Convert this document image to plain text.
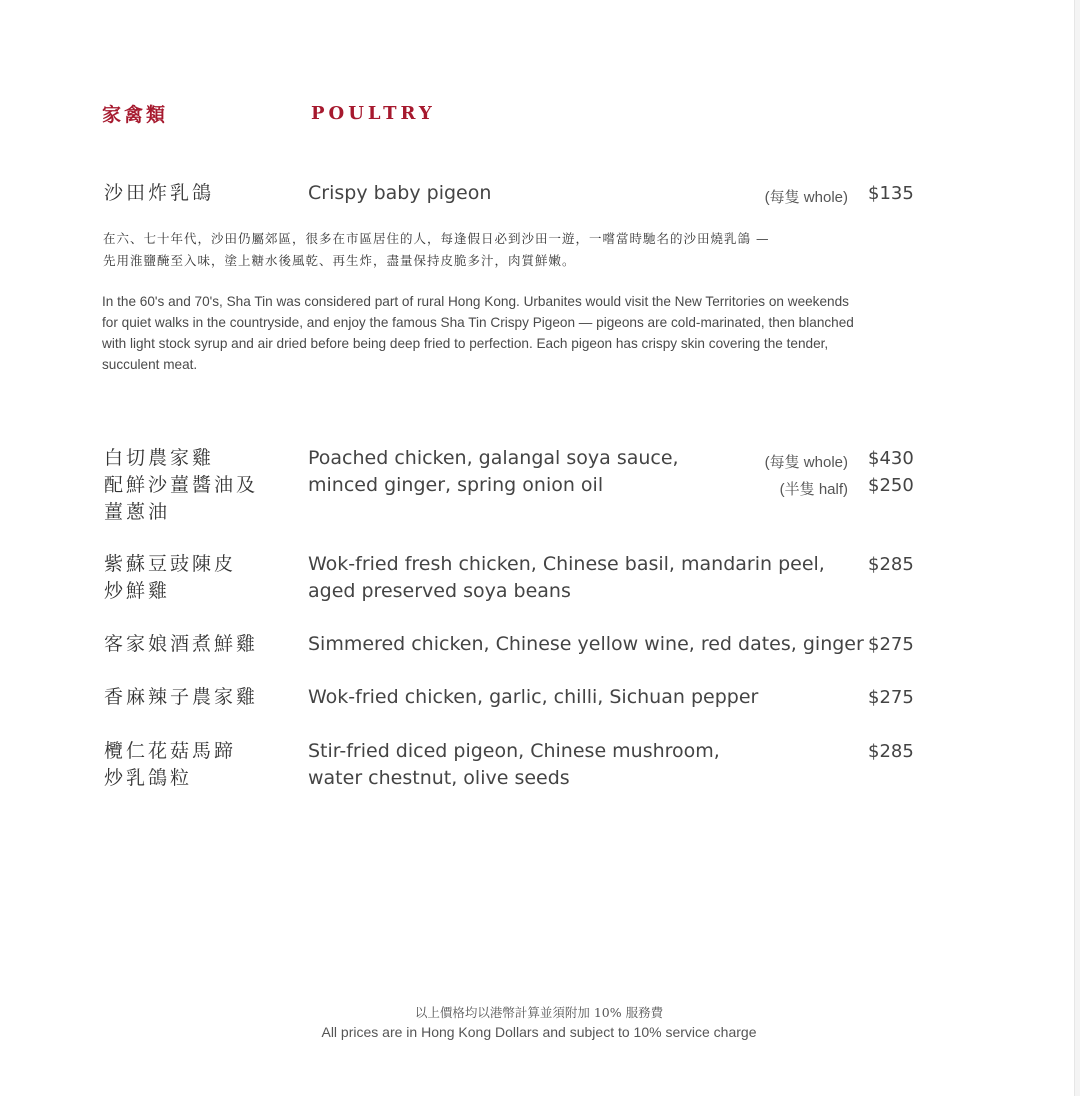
家禽類	POULTRY
沙田炸乳鴿	Crispy baby pigeon	(每隻 whole) $135
在六、七十年代，沙田仍屬郊區，很多在市區居住的人，每逢假日必到沙田一遊，一嚐當時馳名的沙田燒乳鴿 —
先用淮鹽醃至入味，塗上糖水後風乾、再生炸，盡量保持皮脆多汁，肉質鮮嫩。
In the 60's and 70's, Sha Tin was considered part of rural Hong Kong. Urbanites would visit the New Territories on weekends
for quiet walks in the countryside, and enjoy the famous Sha Tin Crispy Pigeon — pigeons are cold-marinated, then blanched
with light stock syrup and air dried before being deep fried to perfection. Each pigeon has crispy skin covering the tender,
succulent meat.
白切農家雞
配鮮沙薑醬油及
薑蔥油
Poached chicken, galangal soya sauce,
minced ginger, spring onion oil
(每隻 whole) $430
(半隻 half) $250
紫蘇豆豉陳皮
炒鮮雞
Wok-fried fresh chicken, Chinese basil, mandarin peel,
aged preserved soya beans
$285
客家娘酒煮鮮雞	Simmered chicken, Chinese yellow wine, red dates, ginger $275
香麻辣子農家雞	Wok-fried chicken, garlic, chilli, Sichuan pepper	$275
欖仁花菇馬蹄
炒乳鴿粒
Stir-fried diced pigeon, Chinese mushroom,
water chestnut, olive seeds
$285
以上價格均以港幣計算並須附加 10% 服務費
All prices are in Hong Kong Dollars and subject to 10% service charge
